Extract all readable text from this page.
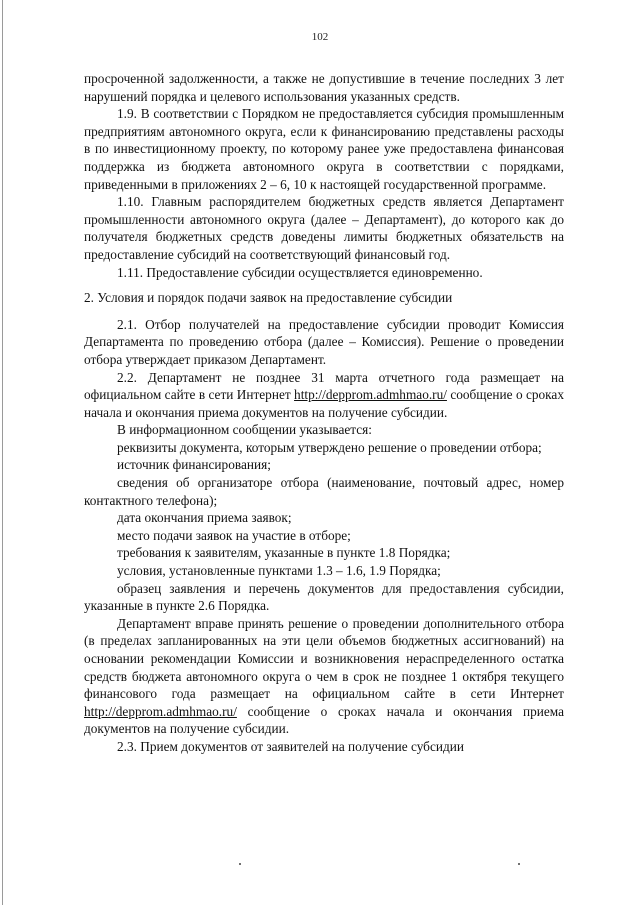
102

просроченной задолженности, а также не допустившие в течение последних 3 лет нарушений порядка и целевого использования указанных средств.

1.9. В соответствии с Порядком не предоставляется субсидия промышленным предприятиям автономного округа, если к финансированию представлены расходы в по инвестиционному проекту, по которому ранее уже предоставлена финансовая поддержка из бюджета автономного округа в соответствии с порядками, приведенными в приложениях 2 – 6, 10 к настоящей государственной программе.

1.10. Главным распорядителем бюджетных средств является Департамент промышленности автономного округа (далее – Департамент), до которого как до получателя бюджетных средств доведены лимиты бюджетных обязательств на предоставление субсидий на соответствующий финансовый год.

1.11. Предоставление субсидии осуществляется единовременно.

2. Условия и порядок подачи заявок на предоставление субсидии

2.1. Отбор получателей на предоставление субсидии проводит Комиссия Департамента по проведению отбора (далее – Комиссия). Решение о проведении отбора утверждает приказом Департамент.

2.2. Департамент не позднее 31 марта отчетного года размещает на официальном сайте в сети Интернет http://depprom.admhmao.ru/ сообщение о сроках начала и окончания приема документов на получение субсидии.

В информационном сообщении указывается:

реквизиты документа, которым утверждено решение о проведении отбора;

источник финансирования;

сведения об организаторе отбора (наименование, почтовый адрес, номер контактного телефона);

дата окончания приема заявок;

место подачи заявок на участие в отборе;

требования к заявителям, указанные в пункте 1.8 Порядка;

условия, установленные пунктами 1.3 – 1.6, 1.9 Порядка;

образец заявления и перечень документов для предоставления субсидии, указанные в пункте 2.6 Порядка.

Департамент вправе принять решение о проведении дополнительного отбора (в пределах запланированных на эти цели объемов бюджетных ассигнований) на основании рекомендации Комиссии и возникновения нераспределенного остатка средств бюджета автономного округа о чем в срок не позднее 1 октября текущего финансового года размещает на официальном сайте в сети Интернет http://depprom.admhmao.ru/ сообщение о сроках начала и окончания приема документов на получение субсидии.

2.3. Прием документов от заявителей на получение субсидии
